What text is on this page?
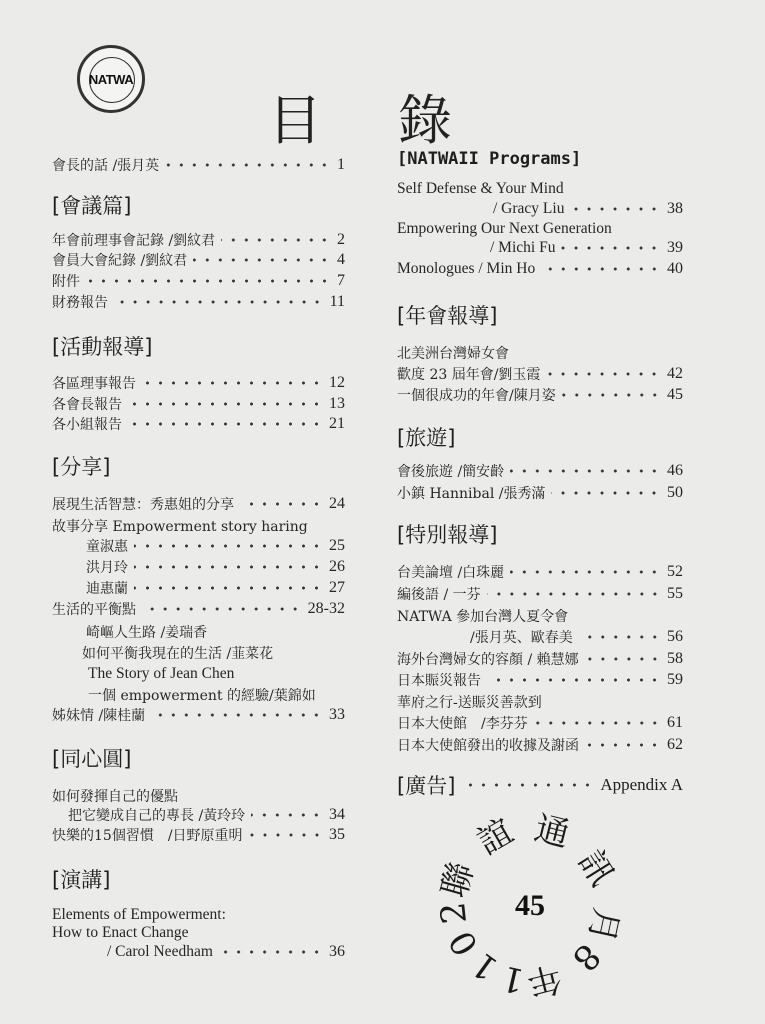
NATWA
目 錄
會長的話 /張月英	1
[會議篇]
年會前理事會記錄 /劉紋君	2
會員大會紀錄 /劉紋君	4
附件	7
財務報告	11
[活動報導]
各區理事報告	12
各會長報告	13
各小組報告	21
[分享]
展現生活智慧：秀惠姐的分享	24
故事分享 Empowerment story haring
童淑惠	25
洪月玲	26
迪惠蘭	27
生活的平衡點	28-32
崎嶇人生路 /姜瑞香
如何平衡我現在的生活 /韮菜花
The Story of Jean Chen
一個 empowerment 的經驗/葉錦如
姊妹情 /陳桂蘭	33
[同心圓]
如何發揮自己的優點
把它變成自己的專長 /黃玲玲	34
快樂的15個習慣　/日野原重明	35
[演講]
Elements of Empowerment:
How to Enact Change
/ Carol Needham	36
[NATWAII Programs]
Self Defense & Your Mind
/ Gracy Liu	38
Empowering Our Next Generation
/ Michi Fu	39
Monologues / Min Ho	40
[年會報導]
北美洲台灣婦女會
歡度 23 屆年會/劉玉霞	42
一個很成功的年會/陳月姿	45
[旅遊]
會後旅遊 /簡安齡	46
小鎮 Hannibal /張秀滿	50
[特別報導]
台美論壇 /白珠麗	52
編後語 / 一芬	55
NATWA 參加台灣人夏令會
/張月英、歐春美	56
海外台灣婦女的容顏 / 賴慧娜	58
日本賑災報告	59
華府之行-送賑災善款到
日本大使館　/李芬芬	61
日本大使館發出的收據及謝函	62
[廣告]	Appendix A
45
聯
誼 通
訊
2
0
1
1
年
8
月
